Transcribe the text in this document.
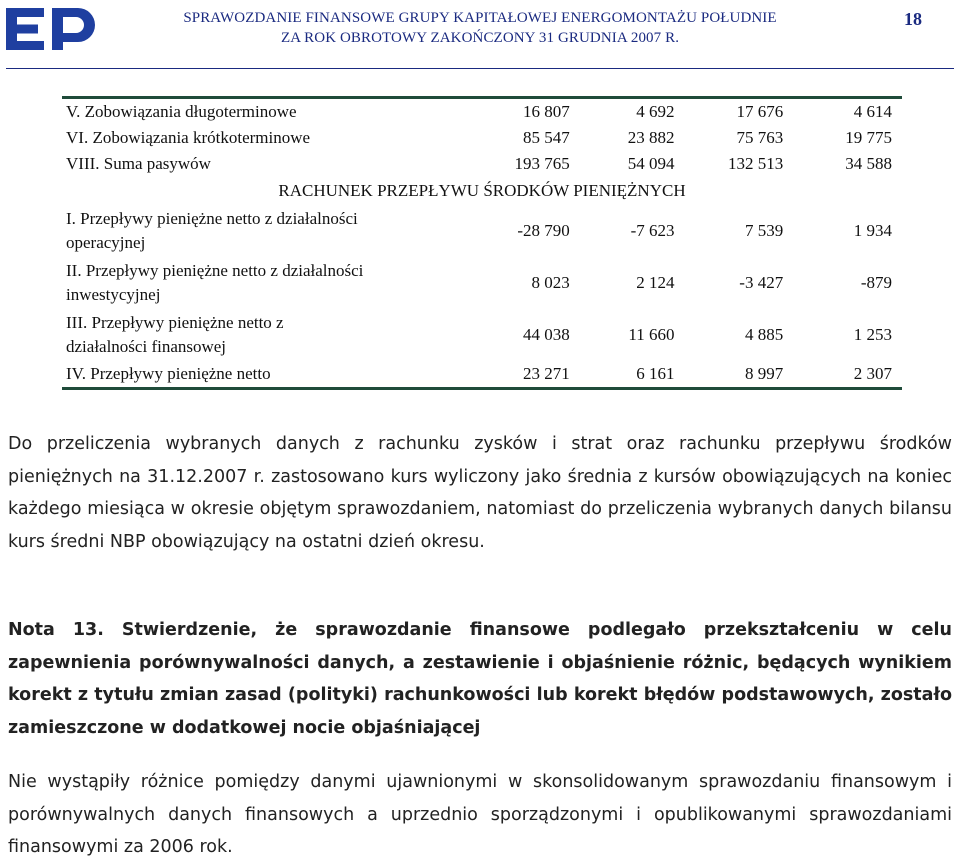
SPRAWOZDANIE FINANSOWE GRUPY KAPITAŁOWEJ ENERGOMONTAŻU POŁUDNIE
ZA ROK OBROTOWY ZAKOŃCZONY 31 GRUDNIA 2007 R.
18
V. Zobowiązania długoterminowe	16 807	4 692	17 676	4 614
VI. Zobowiązania krótkoterminowe	85 547	23 882	75 763	19 775
VIII. Suma pasywów	193 765	54 094	132 513	34 588
RACHUNEK PRZEPŁYWU ŚRODKÓW PIENIĘŻNYCH				

I. Przepływy pieniężne netto z działalności
operacyjnej	-28 790	-7 623	7 539	1 934

II. Przepływy pieniężne netto z działalności
inwestycyjnej	8 023	2 124	-3 427	-879

III. Przepływy pieniężne netto z
działalności finansowej	44 038	11 660	4 885	1 253
IV. Przepływy pieniężne netto	23 271	6 161	8 997	2 307
Do przeliczenia wybranych danych z rachunku zysków i strat oraz rachunku przepływu środków pieniężnych na 31.12.2007 r. zastosowano kurs wyliczony jako średnia z kursów obowiązujących na koniec każdego miesiąca w okresie objętym sprawozdaniem, natomiast do przeliczenia wybranych danych bilansu kurs średni NBP obowiązujący na ostatni dzień okresu.
Nota 13. Stwierdzenie, że sprawozdanie finansowe podlegało przekształceniu w celu zapewnienia porównywalności danych, a zestawienie i objaśnienie różnic, będących wynikiem korekt z tytułu zmian zasad (polityki) rachunkowości lub korekt błędów podstawowych, zostało zamieszczone w dodatkowej nocie objaśniającej
Nie wystąpiły różnice pomiędzy danymi ujawnionymi w skonsolidowanym sprawozdaniu finansowym i porównywalnych danych finansowych a uprzednio sporządzonymi i opublikowanymi sprawozdaniami finansowymi za 2006 rok.
